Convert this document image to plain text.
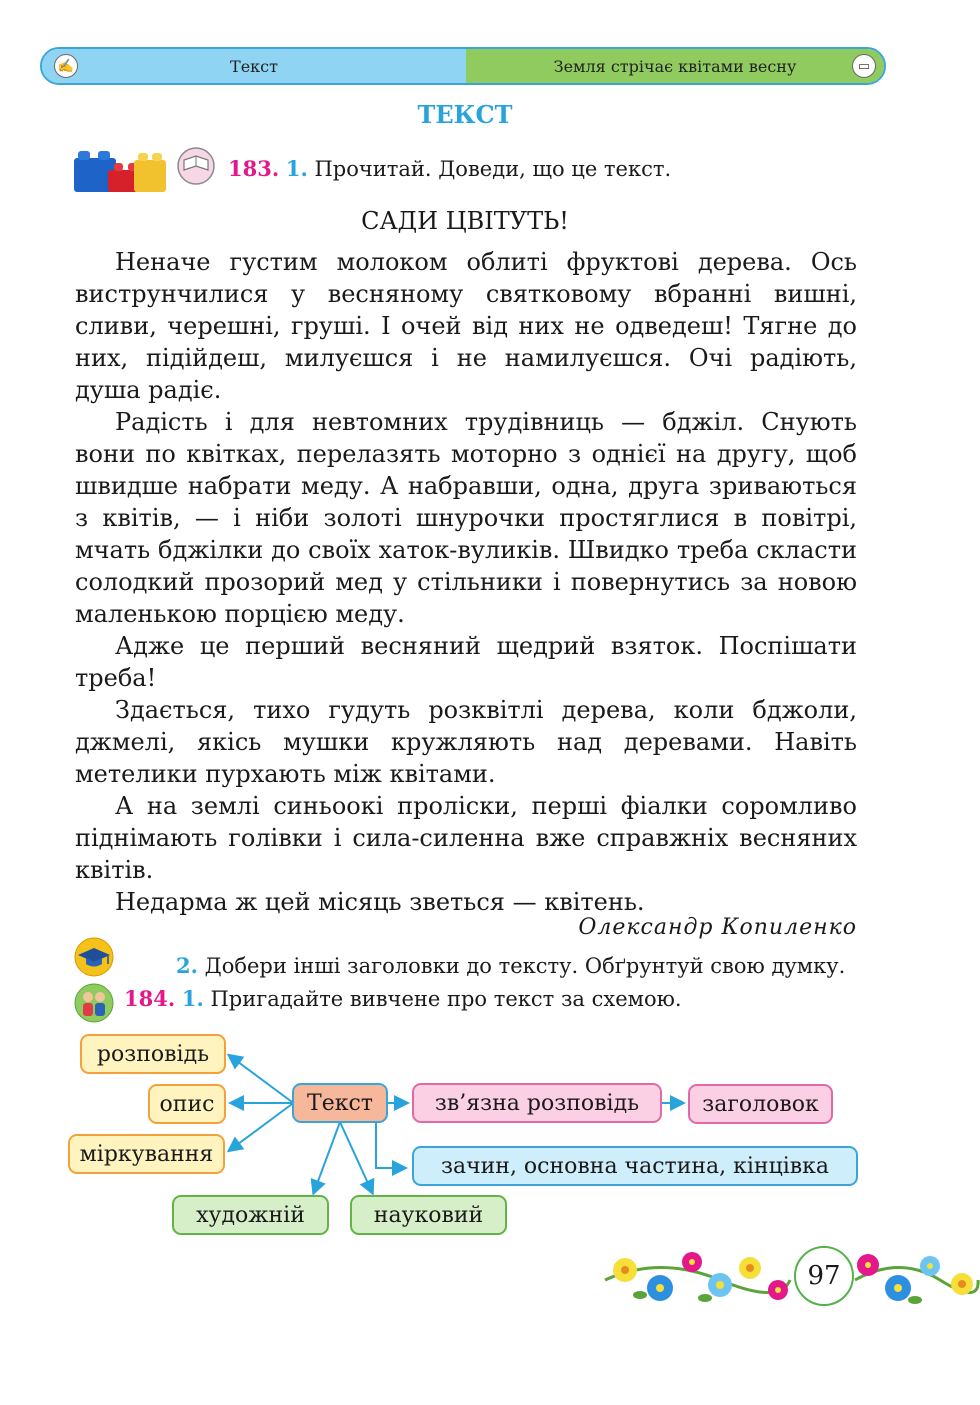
✍	Текст	Земля стрічає квітами весну	▭
ТЕКСТ
183. 1. Прочитай. Доведи, що це текст.
САДИ ЦВІТУТЬ!

Неначе густим молоком облиті фруктові дерева. Ось виструнчилися у весняному святковому вбранні вишні, сливи, черешні, груші. І очей від них не одведеш! Тягне до них, підійдеш, милуєшся і не намилуєшся. Очі радіють, душа радіє.

Радість і для невтомних трудівниць — бджіл. Снують вони по квітках, перелазять моторно з однієї на другу, щоб швидше набрати меду. А набравши, одна, друга зриваються з квітів, — і ніби золоті шнурочки простяглися в повітрі, мчать бджілки до своїх хаток-вуликів. Швидко треба скласти солодкий прозорий мед у стільники і повернутись за новою маленькою порцією меду.

Адже це перший весняний щедрий взяток. Поспішати треба!

Здається, тихо гудуть розквітлі дерева, коли бджоли, джмелі, якісь мушки кружляють над деревами. Навіть метелики пурхають між квітами.

А на землі синьоокі проліски, перші фіалки соромливо піднімають голівки і сила-силенна вже справжніх весняних квітів.

Недарма ж цей місяць зветься — квітень.

Олександр Копиленко
2. Добери інші заголовки до тексту. Обґрунтуй свою думку.
184. 1. Пригадайте вивчене про текст за схемою.
розповідь
опис
міркування
Текст	зв’язна розповідь	заголовок
зачин, основна частина, кінцівка
художній	науковий
97
